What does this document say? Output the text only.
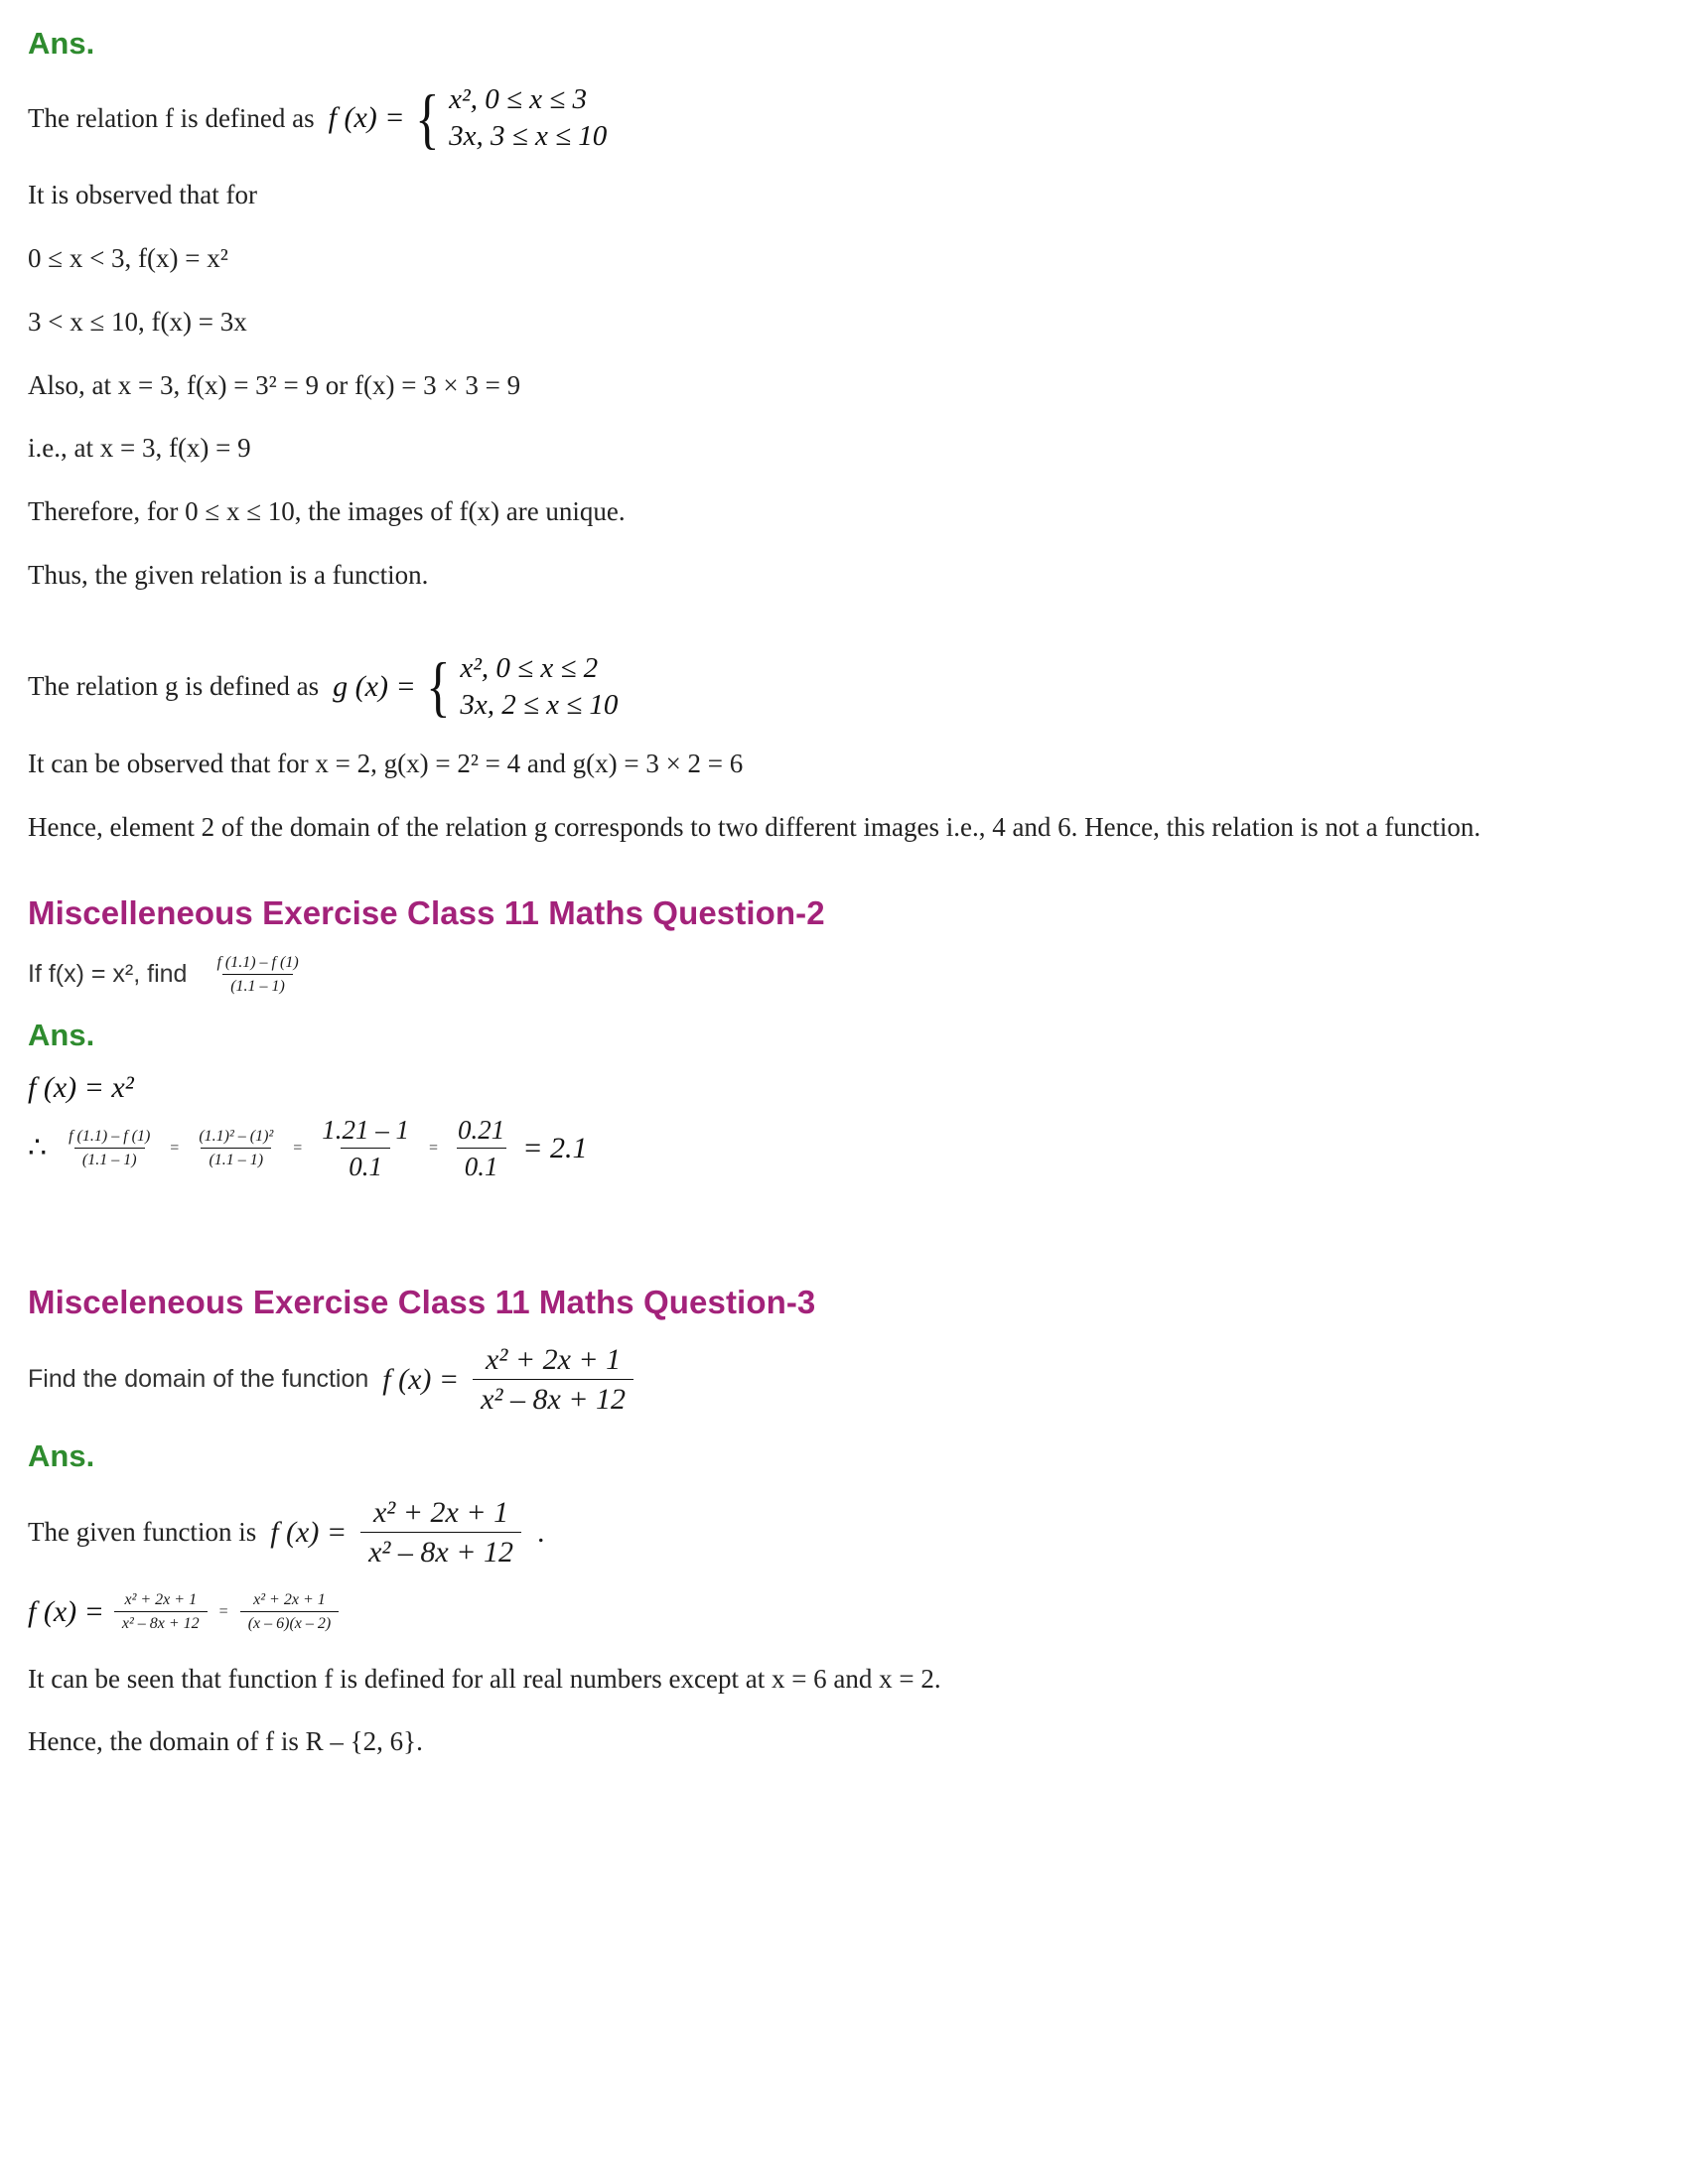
Ans.
The relation f is defined as f (x) = { x², 0 ≤ x ≤ 3
3x, 3 ≤ x ≤ 10
It is observed that for
0 ≤ x < 3, f(x) = x²
3 < x ≤ 10, f(x) = 3x
Also, at x = 3, f(x) = 3² = 9 or f(x) = 3 × 3 = 9
i.e., at x = 3, f(x) = 9
Therefore, for 0 ≤ x ≤ 10, the images of f(x) are unique.
Thus, the given relation is a function.
The relation g is defined as g (x) = { x², 0 ≤ x ≤ 2
3x, 2 ≤ x ≤ 10
It can be observed that for x = 2, g(x) = 2² = 4 and g(x) = 3 × 2 = 6
Hence, element 2 of the domain of the relation g corresponds to two different images i.e., 4 and 6. Hence, this relation is not a function.
Miscelleneous Exercise Class 11 Maths Question-2
If f(x) = x², find $\frac{f (1.1) - f (1)}{(1.1 - 1)}$
Ans.
f (x) = x²
∴ $\frac{f (1.1) - f (1)}{(1.1 - 1)} = \frac{\text{(1.1)² – (1)²}}{(1.1 - 1)} = \frac{1.21 - 1}{0.1} = \frac{0.21}{0.1} = 2.1$
Misceleneous Exercise Class 11 Maths Question-3
Find the domain of the function f $(x) = \frac{\text{x² + 2x + 1}}{\text{x² – 8x + 12}}$
Ans.
The given function is f $(x) = \frac{\text{x² + 2x + 1}}{\text{x² – 8x + 12}}$ .
f $(x) = \frac{\text{x² + 2x + 1}}{\text{x² – 8x + 12}} = \frac{\text{x² + 2x + 1}}{(x - 6)(x - 2)}$
It can be seen that function f is defined for all real numbers except at x = 6 and x = 2.
Hence, the domain of f is R – {2, 6}.
